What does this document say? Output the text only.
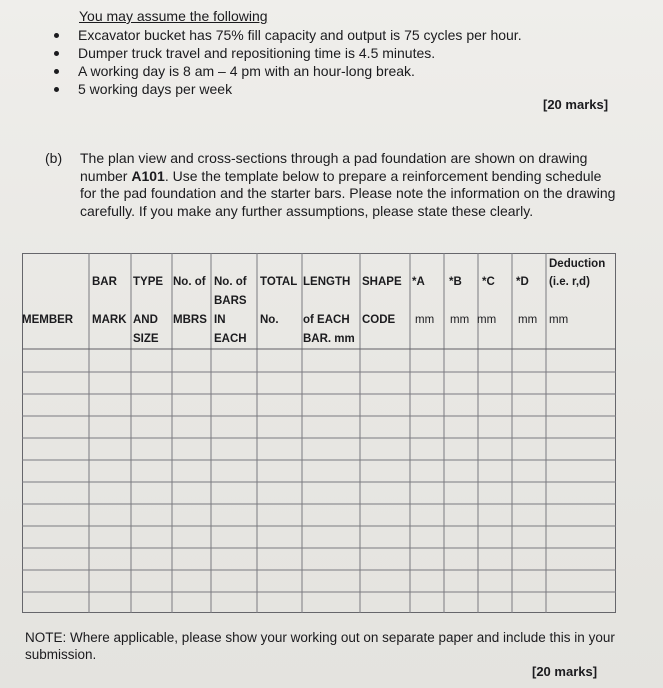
You may assume the following
Excavator bucket has 75% fill capacity and output is 75 cycles per hour.
Dumper truck travel and repositioning time is 4.5 minutes.
A working day is 8 am – 4 pm with an hour-long break.
5 working days per week
[20 marks]
(b) The plan view and cross-sections through a pad foundation are shown on drawing number A101. Use the template below to prepare a reinforcement bending schedule for the pad foundation and the starter bars. Please note the information on the drawing carefully. If you make any further assumptions, please state these clearly.
MEMBER
BAR
MARK
TYPE
AND
SIZE
No. of
MBRS
No. of
BARS
IN
EACH
TOTAL
No.
LENGTH
of EACH
BAR. mm
SHAPE
CODE
*A
mm
*B
mm
*C
mm
*D
mm
Deduction
(i.e. r,d)
mm
NOTE: Where applicable, please show your working out on separate paper and include this in your submission.
[20 marks]
